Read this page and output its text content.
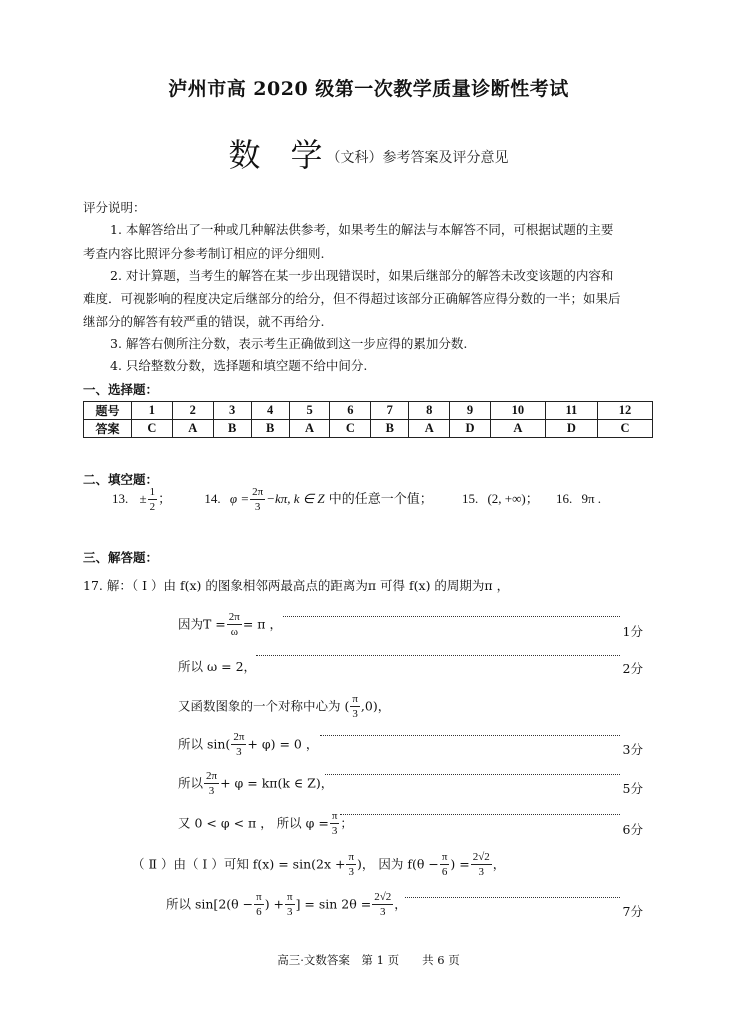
泸州市高 2020 级第一次教学质量诊断性考试
数 学 （文科）参考答案及评分意见
评分说明：
1. 本解答给出了一种或几种解法供参考，如果考生的解法与本解答不同，可根据试题的主要
考查内容比照评分参考制订相应的评分细则.
2. 对计算题，当考生的解答在某一步出现错误时，如果后继部分的解答未改变该题的内容和
难度．可视影响的程度决定后继部分的给分，但不得超过该部分正确解答应得分数的一半；如果后
继部分的解答有较严重的错误，就不再给分.
3. 解答右侧所注分数，表示考生正确做到这一步应得的累加分数.
4. 只给整数分数，选择题和填空题不给中间分.
一、选择题：
题号	1	2	3	4	5	6	7	8	9	10	11	12
答案	C	A	B	B	A	C	B	A	D	A	D	C
二、填空题：
13. ± $\frac{1}{2}$ ；	14. $\varphi = \frac{2\pi}{3} -k\pi$, k ∈ Z 中的任意一个值； 15. (2, +∞)； 16. 9π .
三、解答题：
17. 解：（ Ⅰ ）由 f(x) 的图象相邻两最高点的距离为π 可得 f(x) 的周期为π ，
因为$T = \frac{2\pi}{\omega} = \pi$ ，	1分
所以 ω = 2，	2分
又函数图象的一个对称中心为 ( $\frac{\pi}{3} ,0$)，
所以 $\sin( \frac{2\pi}{3} + \varphi) = 0$ ，	3分
所以 $\frac{2\pi}{3} + \varphi = k\pi(k$ ∈ Z)，	5分
又 0 < φ < π ， 所以 $\varphi = \frac{\pi}{3}$ ；	6分
（ Ⅱ ）由（ Ⅰ ）可知 $f(x) = \sin(2x + \frac{\pi}{3}$ )， 因为 $f(\theta - \frac{\pi}{6}$ ) = $\frac{2√2}{3}$ ，
所以 $\sin[2(\theta - \frac{\pi}{6}$ ) + $\frac{\pi}{3}$ ] = $\sin 2\theta = \frac{2√2}{3}$ ，	7分
高三·文数答案　第 1 页　　共 6 页
